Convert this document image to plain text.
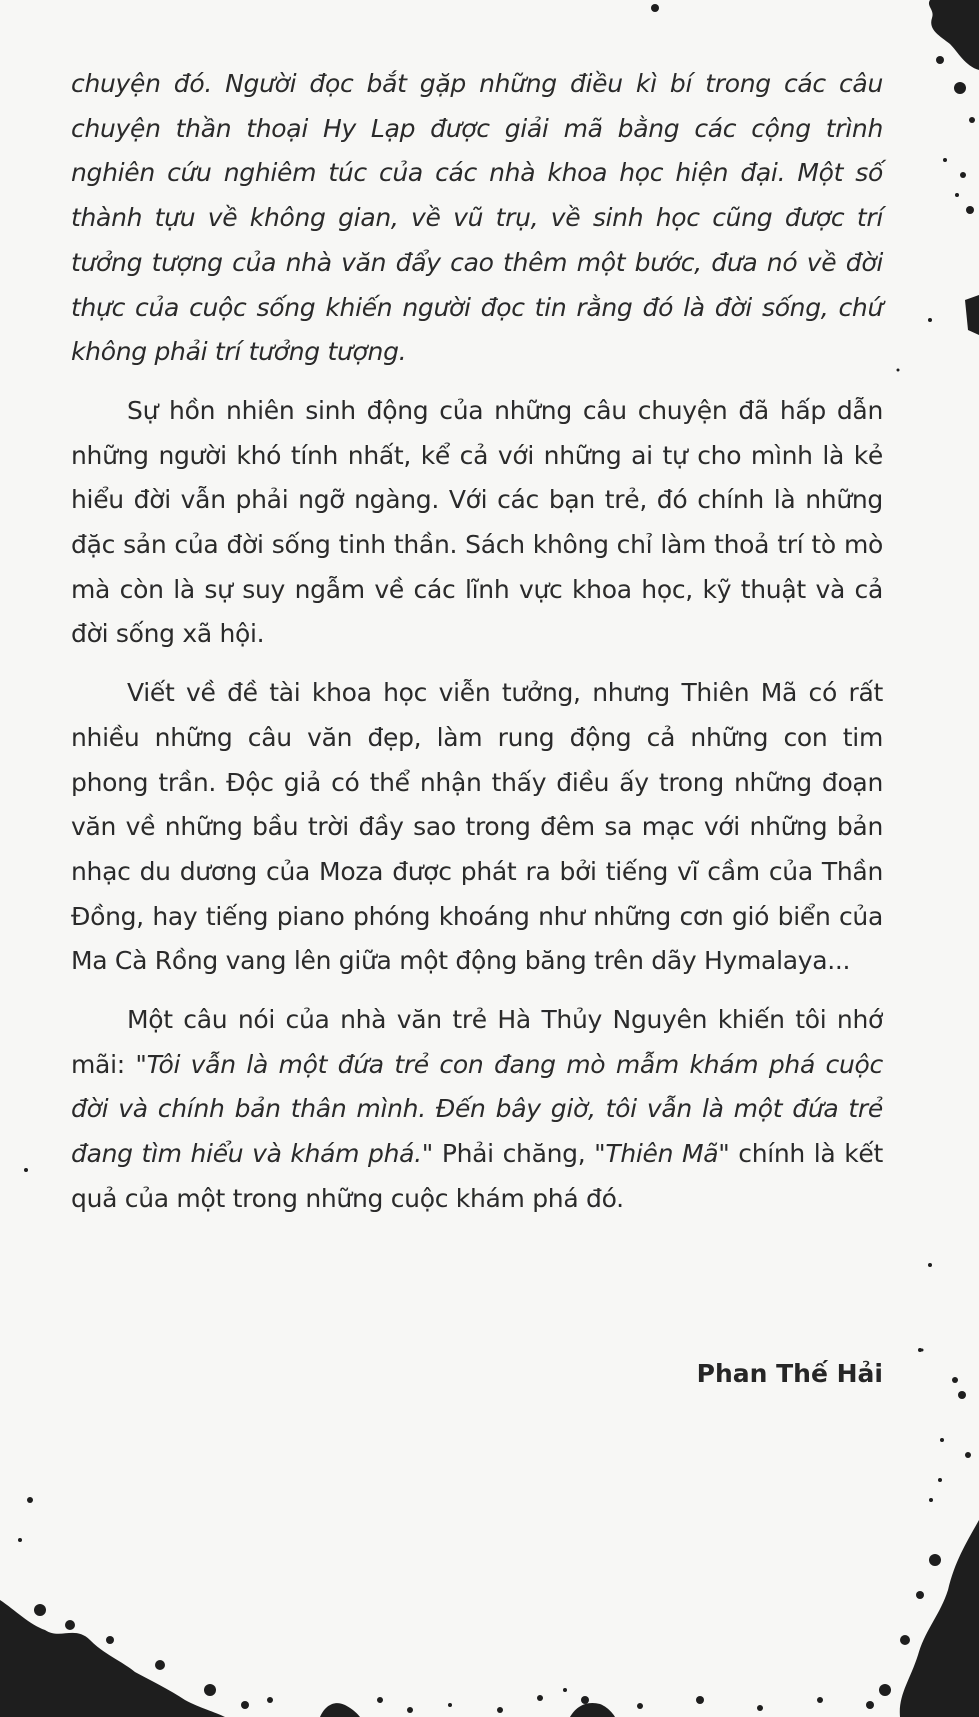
chuyện đó. Người đọc bắt gặp những điều kì bí trong các câu chuyện thần thoại Hy Lạp được giải mã bằng các cộng trình nghiên cứu nghiêm túc của các nhà khoa học hiện đại. Một số thành tựu về không gian, về vũ trụ, về sinh học cũng được trí tưởng tượng của nhà văn đẩy cao thêm một bước, đưa nó về đời thực của cuộc sống khiến người đọc tin rằng đó là đời sống, chứ không phải trí tưởng tượng.

Sự hồn nhiên sinh động của những câu chuyện đã hấp dẫn những người khó tính nhất, kể cả với những ai tự cho mình là kẻ hiểu đời vẫn phải ngỡ ngàng. Với các bạn trẻ, đó chính là những đặc sản của đời sống tinh thần. Sách không chỉ làm thoả trí tò mò mà còn là sự suy ngẫm về các lĩnh vực khoa học, kỹ thuật và cả đời sống xã hội.

Viết về đề tài khoa học viễn tưởng, nhưng Thiên Mã có rất nhiều những câu văn đẹp, làm rung động cả những con tim phong trần. Độc giả có thể nhận thấy điều ấy trong những đoạn văn về những bầu trời đầy sao trong đêm sa mạc với những bản nhạc du dương của Moza được phát ra bởi tiếng vĩ cầm của Thần Đồng, hay tiếng piano phóng khoáng như những cơn gió biển của Ma Cà Rồng vang lên giữa một động băng trên dãy Hymalaya...

Một câu nói của nhà văn trẻ Hà Thủy Nguyên khiến tôi nhớ mãi: "Tôi vẫn là một đứa trẻ con đang mò mẫm khám phá cuộc đời và chính bản thân mình. Đến bây giờ, tôi vẫn là một đứa trẻ đang tìm hiểu và khám phá." Phải chăng, "Thiên Mã" chính là kết quả của một trong những cuộc khám phá đó.

Phan Thế Hải
